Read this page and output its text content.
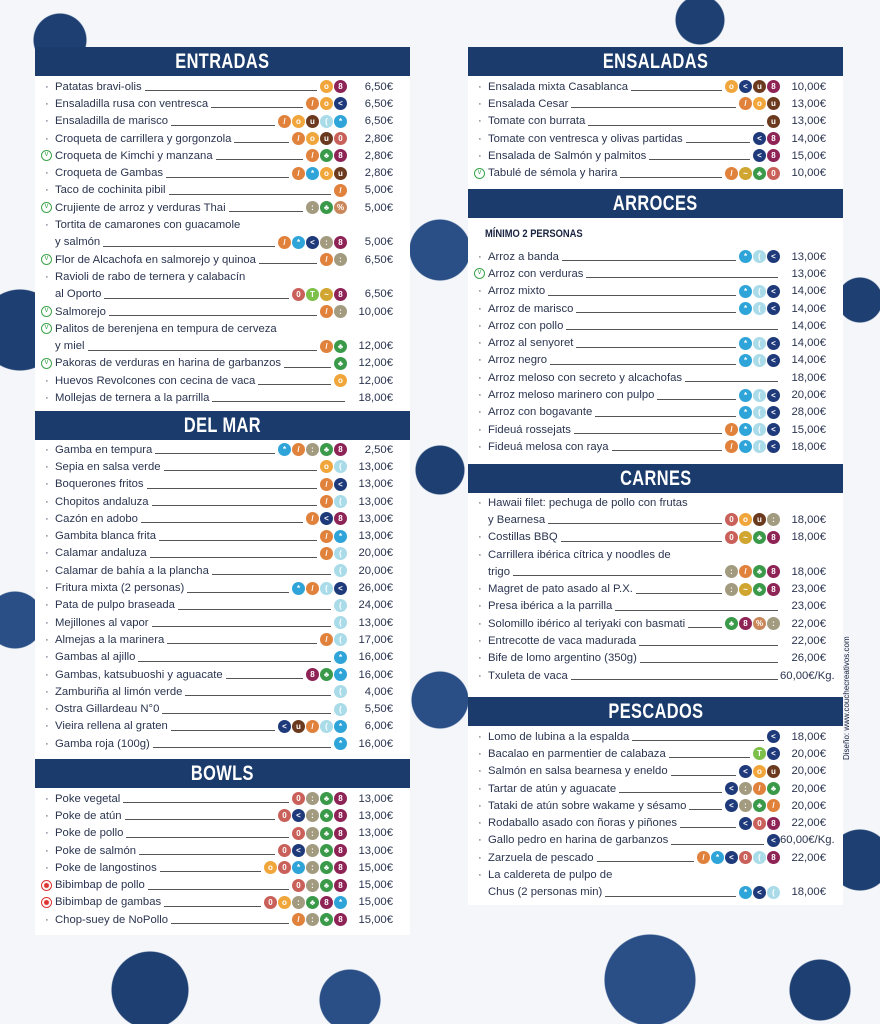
ENTRADAS
· Patatas bravi-olis	o	8	6,50€
· Ensaladilla rusa con ventresca	/	o	<	6,50€
· Ensaladilla de marisco	/	o	u	(	*	6,50€
· Croqueta de carrillera y gorgonzola	/	o	u	0	2,80€
v Croqueta de Kimchi y manzana	/	♣	8	2,80€
· Croqueta de Gambas	/	*	o	u	2,80€
· Taco de cochinita pibil	/	5,00€
v Crujiente de arroz y verduras Thai	:	♣ %	5,00€
· Tortita de camarones con guacamole
y salmón	/	*	<	:	8	5,00€
v Flor de Alcachofa en salmorejo y quinoa	/	:	6,50€
· Ravioli de rabo de ternera y calabacín
al Oporto	0	T	~	8	6,50€
v Salmorejo	/	:	10,00€
v Palitos de berenjena en tempura de cerveza
y miel	/	♣	12,00€
v Pakoras de verduras en harina de garbanzos	♣	12,00€
· Huevos Revolcones con cecina de vaca	o	12,00€
· Mollejas de ternera a la parrilla	18,00€
DEL MAR
· Gamba en tempura	*	/	:	♣	8	2,50€
· Sepia en salsa verde	o	(	13,00€
· Boquerones fritos	/	<	13,00€
· Chopitos andaluza	/	(	13,00€
· Cazón en adobo	/	<	8	13,00€
· Gambita blanca frita	/	*	13,00€
· Calamar andaluza	/	(	20,00€
· Calamar de bahía a la plancha	(	20,00€
· Fritura mixta (2 personas)	*	/	(	<	26,00€
· Pata de pulpo braseada	(	24,00€
· Mejillones al vapor	(	13,00€
· Almejas a la marinera	/	(	17,00€
· Gambas al ajillo	*	16,00€
· Gambas, katsubuoshi y aguacate	8	♣	*	16,00€
· Zamburiña al limón verde	(	4,00€
· Ostra Gillardeau N°0	(	5,50€
· Vieira rellena al graten	<	u	/	(	*	6,00€
· Gamba roja (100g)	*	16,00€
BOWLS
· Poke vegetal	0	:	♣	8	13,00€
· Poke de atún	0	<	:	♣	8	13,00€
· Poke de pollo	0	:	♣	8	13,00€
· Poke de salmón	0	<	:	♣	8	13,00€
· Poke de langostinos	o	0	*	:	♣	8	15,00€
Bibimbap de pollo	0	:	♣	8	15,00€
Bibimbap de gambas	0	o	:	♣	8	*	15,00€
· Chop-suey de NoPollo	/	:	♣	8	15,00€
ENSALADAS
· Ensalada mixta Casablanca	o	<	u	8	10,00€
· Ensalada Cesar	/	o	u	13,00€
· Tomate con burrata	u	13,00€
· Tomate con ventresca y olivas partidas	<	8	14,00€
· Ensalada de Salmón y palmitos	<	8	15,00€
v Tabulé de sémola y harira	/	~	♣	0	10,00€
ARROCES
MÍNIMO 2 PERSONAS
· Arroz a banda	*	(	<	13,00€
v Arroz con verduras	13,00€
· Arroz mixto	*	(	<	14,00€
· Arroz de marisco	*	(	<	14,00€
· Arroz con pollo	14,00€
· Arroz al senyoret	*	(	<	14,00€
· Arroz negro	*	(	<	14,00€
· Arroz meloso con secreto y alcachofas	18,00€
· Arroz meloso marinero con pulpo	*	(	<	20,00€
· Arroz con bogavante	*	(	<	28,00€
· Fideuá rossejats	/	*	(	<	15,00€
· Fideuá melosa con raya	/	*	(	<	18,00€
CARNES
· Hawaii filet: pechuga de pollo con frutas
y Bearnesa	0	o	u	:	18,00€
· Costillas BBQ	0	~	♣	8	18,00€
· Carrillera ibérica cítrica y noodles de
trigo	:	/	♣	8	18,00€
· Magret de pato asado al P.X.	:	~	♣	8	23,00€
· Presa ibérica a la parrilla	23,00€
· Solomillo ibérico al teriyaki con basmati	♣	8	%	:	22,00€
· Entrecotte de vaca madurada	22,00€
· Bife de lomo argentino (350g)	26,00€
· Txuleta de vaca	60,00€/Kg.
PESCADOS
· Lomo de lubina a la espalda	<	18,00€
· Bacalao en parmentier de calabaza	T	<	20,00€
· Salmón en salsa bearnesa y eneldo	<	o	u	20,00€
· Tartar de atún y aguacate	<	:	/	♣	20,00€
· Tataki de atún sobre wakame y sésamo	<	:	♣	/	20,00€
· Rodaballo asado con ñoras y piñones	<	0	8	22,00€
· Gallo pedro en harina de garbanzos	< 60,00€/Kg.
· Zarzuela de pescado	/	*	<	0	(	8	22,00€
· La caldereta de pulpo de
Chus (2 personas min)	*	<	(	18,00€
Diseño: www.couchecreativos.com
